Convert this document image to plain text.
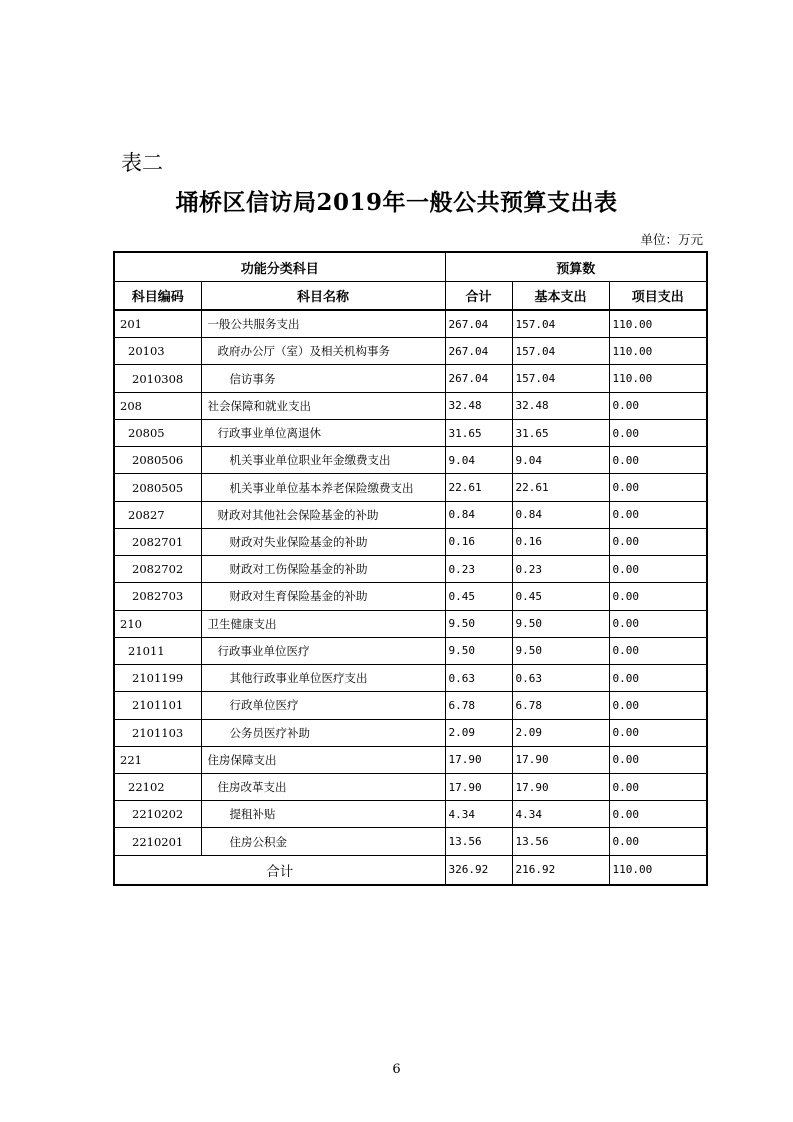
表二
埇桥区信访局2019年一般公共预算支出表
单位：万元
功能分类科目		预算数		
科目编码	科目名称	合计	基本支出	项目支出
201	一般公共服务支出	267.04	157.04	110.00
20103	政府办公厅（室）及相关机构事务	267.04	157.04	110.00
2010308	信访事务	267.04	157.04	110.00
208	社会保障和就业支出	32.48	32.48	0.00
20805	行政事业单位离退休	31.65	31.65	0.00
2080506	机关事业单位职业年金缴费支出	9.04	9.04	0.00
2080505	机关事业单位基本养老保险缴费支出	22.61	22.61	0.00
20827	财政对其他社会保险基金的补助	0.84	0.84	0.00
2082701	财政对失业保险基金的补助	0.16	0.16	0.00
2082702	财政对工伤保险基金的补助	0.23	0.23	0.00
2082703	财政对生育保险基金的补助	0.45	0.45	0.00
210	卫生健康支出	9.50	9.50	0.00
21011	行政事业单位医疗	9.50	9.50	0.00
2101199	其他行政事业单位医疗支出	0.63	0.63	0.00
2101101	行政单位医疗	6.78	6.78	0.00
2101103	公务员医疗补助	2.09	2.09	0.00
221	住房保障支出	17.90	17.90	0.00
22102	住房改革支出	17.90	17.90	0.00
2210202	提租补贴	4.34	4.34	0.00
2210201	住房公积金	13.56	13.56	0.00
合计		326.92	216.92	110.00
6
